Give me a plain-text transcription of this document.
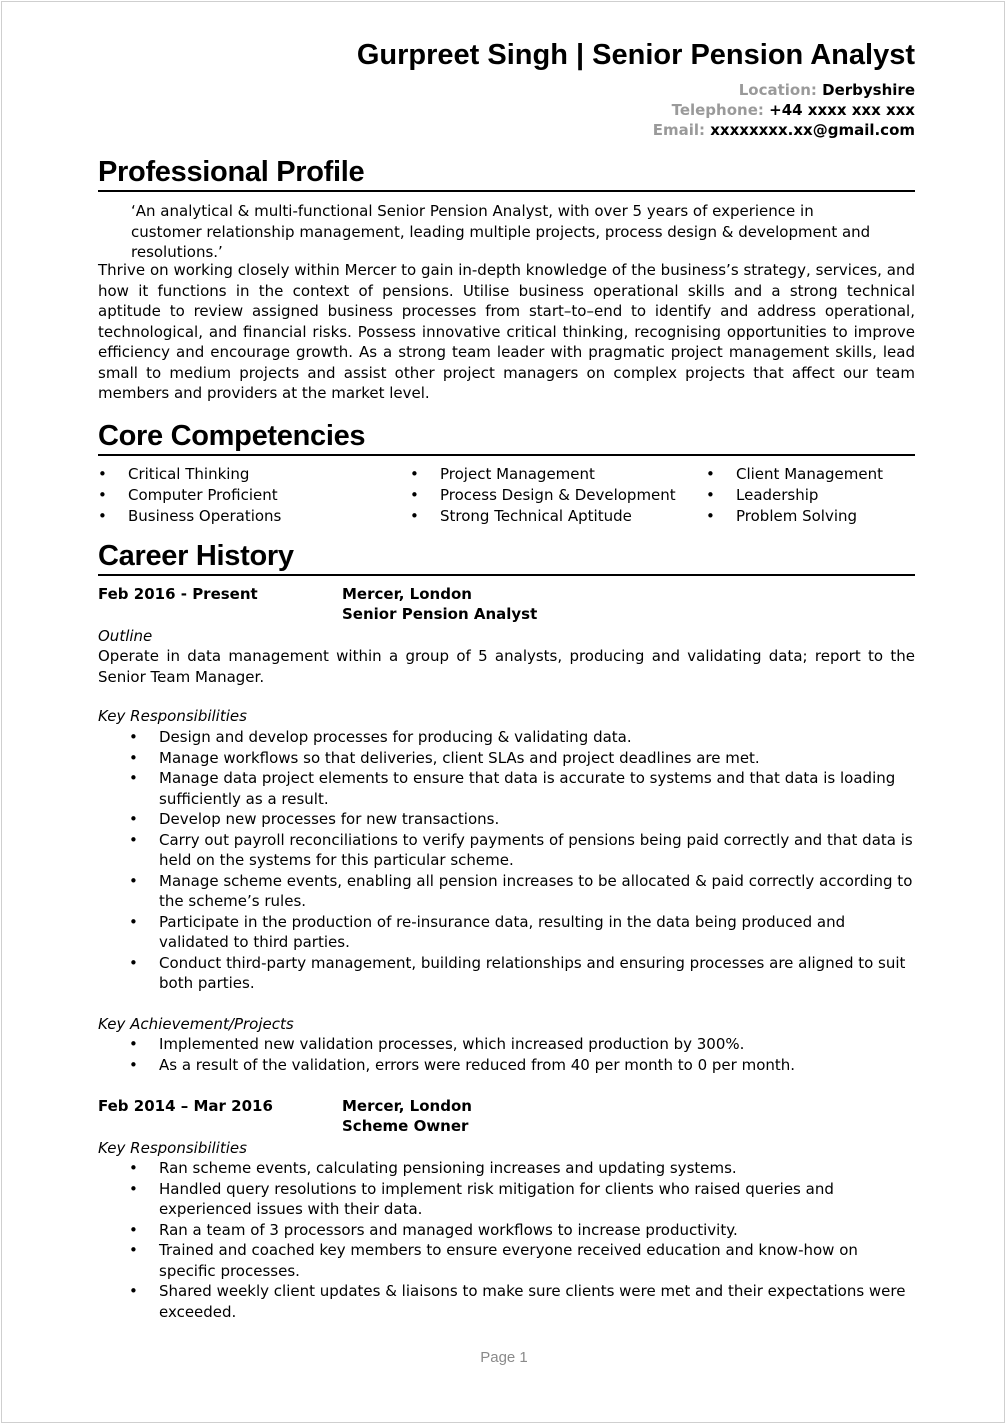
Gurpreet Singh | Senior Pension Analyst
Location: Derbyshire
Telephone: +44 xxxx xxx xxx
Email: xxxxxxxx.xx@gmail.com
Professional Profile
‘An analytical & multi-functional Senior Pension Analyst, with over 5 years of experience in customer relationship management, leading multiple projects, process design & development and resolutions.’
Thrive on working closely within Mercer to gain in-depth knowledge of the business’s strategy, services, and how it functions in the context of pensions. Utilise business operational skills and a strong technical aptitude to review assigned business processes from start–to–end to identify and address operational, technological, and financial risks. Possess innovative critical thinking, recognising opportunities to improve efficiency and encourage growth. As a strong team leader with pragmatic project management skills, lead small to medium projects and assist other project managers on complex projects that affect our team members and providers at the market level.
Core Competencies
• Critical Thinking
• Computer Proficient
• Business Operations
• Project Management
• Process Design & Development
• Strong Technical Aptitude
• Client Management
• Leadership
• Problem Solving
Career History
Feb 2016 - Present	Mercer, London
Senior Pension Analyst
Outline
Operate in data management within a group of 5 analysts, producing and validating data; report to the Senior Team Manager.
Key Responsibilities
• Design and develop processes for producing & validating data.
• Manage workflows so that deliveries, client SLAs and project deadlines are met.
• Manage data project elements to ensure that data is accurate to systems and that data is loading sufficiently as a result.
• Develop new processes for new transactions.
• Carry out payroll reconciliations to verify payments of pensions being paid correctly and that data is held on the systems for this particular scheme.
• Manage scheme events, enabling all pension increases to be allocated & paid correctly according to the scheme’s rules.
• Participate in the production of re-insurance data, resulting in the data being produced and validated to third parties.
• Conduct third-party management, building relationships and ensuring processes are aligned to suit both parties.
Key Achievement/Projects
• Implemented new validation processes, which increased production by 300%.
• As a result of the validation, errors were reduced from 40 per month to 0 per month.
Feb 2014 – Mar 2016	Mercer, London
Scheme Owner
Key Responsibilities
• Ran scheme events, calculating pensioning increases and updating systems.
• Handled query resolutions to implement risk mitigation for clients who raised queries and experienced issues with their data.
• Ran a team of 3 processors and managed workflows to increase productivity.
• Trained and coached key members to ensure everyone received education and know-how on specific processes.
• Shared weekly client updates & liaisons to make sure clients were met and their expectations were exceeded.
Page 1
